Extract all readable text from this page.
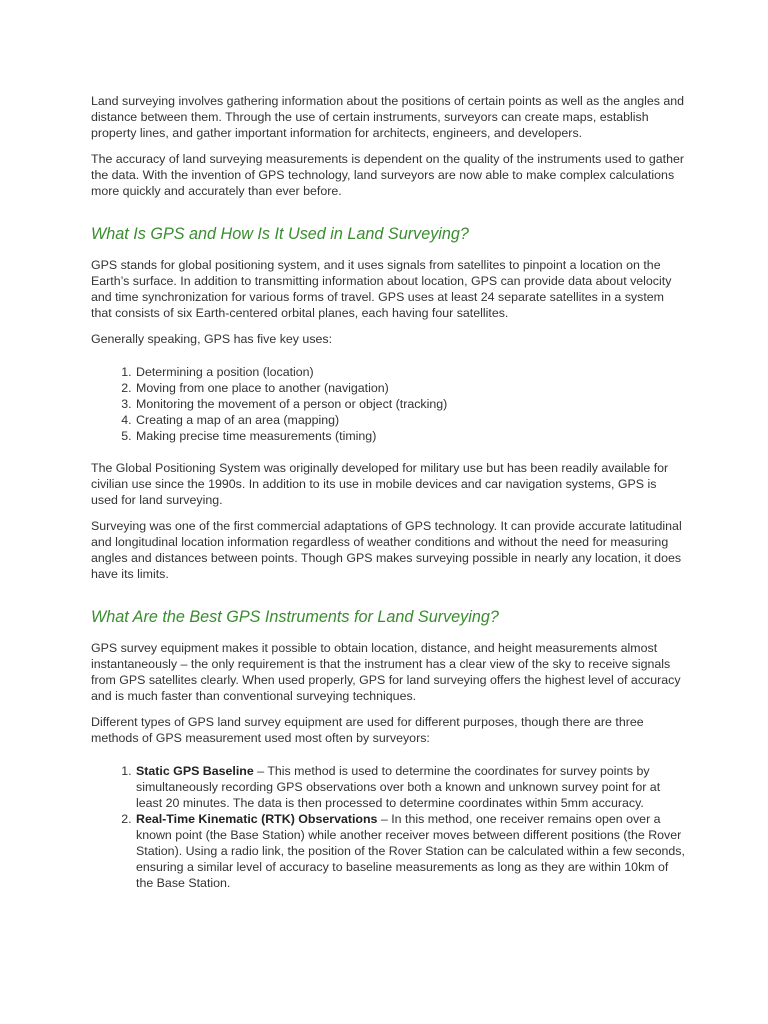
Land surveying involves gathering information about the positions of certain points as well as the angles and distance between them. Through the use of certain instruments, surveyors can create maps, establish property lines, and gather important information for architects, engineers, and developers.

The accuracy of land surveying measurements is dependent on the quality of the instruments used to gather the data. With the invention of GPS technology, land surveyors are now able to make complex calculations more quickly and accurately than ever before.

What Is GPS and How Is It Used in Land Surveying?

GPS stands for global positioning system, and it uses signals from satellites to pinpoint a location on the Earth’s surface. In addition to transmitting information about location, GPS can provide data about velocity and time synchronization for various forms of travel. GPS uses at least 24 separate satellites in a system that consists of six Earth-centered orbital planes, each having four satellites.

Generally speaking, GPS has five key uses:

1. Determining a position (location)
2. Moving from one place to another (navigation)
3. Monitoring the movement of a person or object (tracking)
4. Creating a map of an area (mapping)
5. Making precise time measurements (timing)

The Global Positioning System was originally developed for military use but has been readily available for civilian use since the 1990s. In addition to its use in mobile devices and car navigation systems, GPS is used for land surveying.

Surveying was one of the first commercial adaptations of GPS technology. It can provide accurate latitudinal and longitudinal location information regardless of weather conditions and without the need for measuring angles and distances between points. Though GPS makes surveying possible in nearly any location, it does have its limits.

What Are the Best GPS Instruments for Land Surveying?

GPS survey equipment makes it possible to obtain location, distance, and height measurements almost instantaneously – the only requirement is that the instrument has a clear view of the sky to receive signals from GPS satellites clearly. When used properly, GPS for land surveying offers the highest level of accuracy and is much faster than conventional surveying techniques.

Different types of GPS land survey equipment are used for different purposes, though there are three methods of GPS measurement used most often by surveyors:

1. Static GPS Baseline – This method is used to determine the coordinates for survey points by simultaneously recording GPS observations over both a known and unknown survey point for at least 20 minutes. The data is then processed to determine coordinates within 5mm accuracy.
2. Real-Time Kinematic (RTK) Observations – In this method, one receiver remains open over a known point (the Base Station) while another receiver moves between different positions (the Rover Station). Using a radio link, the position of the Rover Station can be calculated within a few seconds, ensuring a similar level of accuracy to baseline measurements as long as they are within 10km of the Base Station.
